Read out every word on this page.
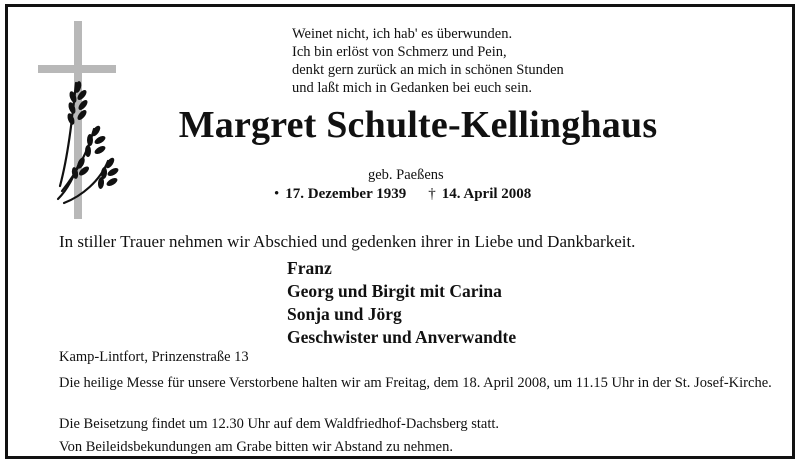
Weinet nicht, ich hab' es überwunden.
Ich bin erlöst von Schmerz und Pein,
denkt gern zurück an mich in schönen Stunden
und laßt mich in Gedanken bei euch sein.
Margret Schulte-Kellinghaus
geb. Paeßens
• 17. Dezember 1939 † 14. April 2008
In stiller Trauer nehmen wir Abschied und gedenken ihrer in Liebe und Dankbarkeit.
Franz
Georg und Birgit mit Carina
Sonja und Jörg
Geschwister und Anverwandte
Kamp-Lintfort, Prinzenstraße 13
Die heilige Messe für unsere Verstorbene halten wir am Freitag, dem 18. April 2008, um 11.15 Uhr in der St. Josef-Kirche.
Die Beisetzung findet um 12.30 Uhr auf dem Waldfriedhof-Dachsberg statt.
Von Beileidsbekundungen am Grabe bitten wir Abstand zu nehmen.
